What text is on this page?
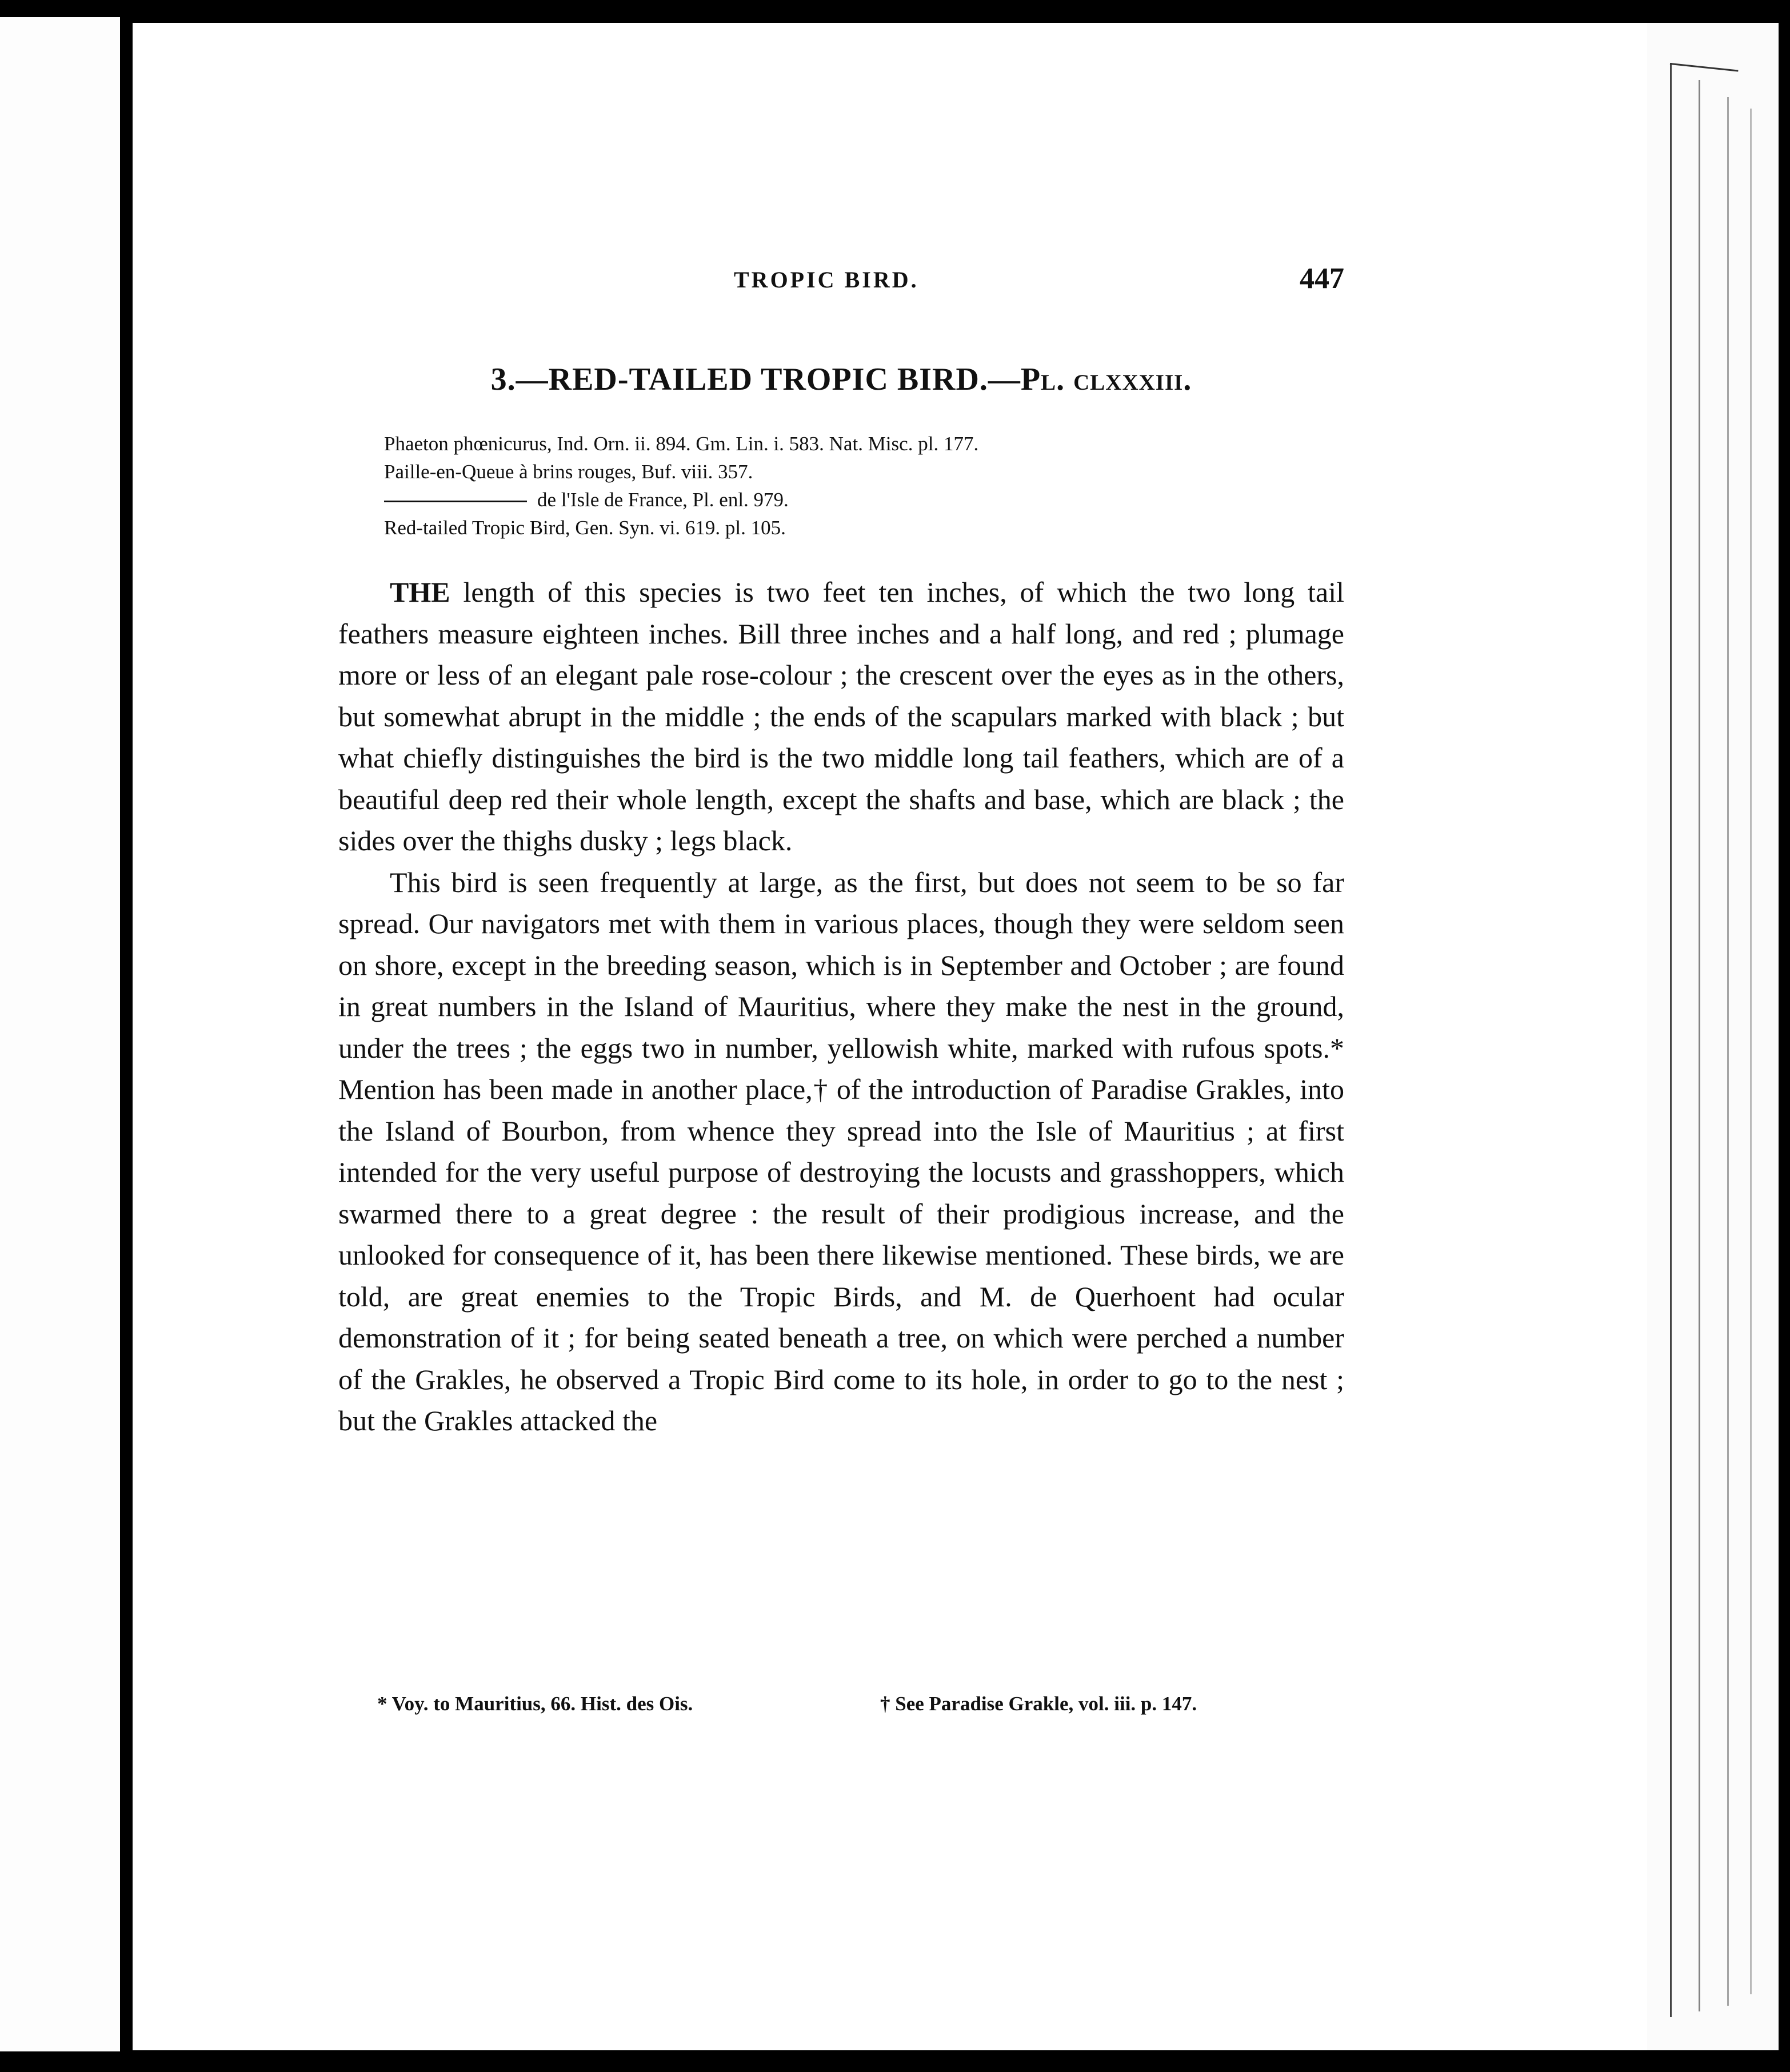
TROPIC BIRD.	447
3.—RED-TAILED TROPIC BIRD.—Pl. clxxxiii.
Phaeton phœnicurus, Ind. Orn. ii. 894. Gm. Lin. i. 583. Nat. Misc. pl. 177.
Paille-en-Queue à brins rouges, Buf. viii. 357.
de l'Isle de France, Pl. enl. 979.
Red-tailed Tropic Bird, Gen. Syn. vi. 619. pl. 105.

THE length of this species is two feet ten inches, of which the two long tail feathers measure eighteen inches. Bill three inches and a half long, and red ; plumage more or less of an elegant pale rose-colour ; the crescent over the eyes as in the others, but somewhat abrupt in the middle ; the ends of the scapulars marked with black ; but what chiefly distinguishes the bird is the two middle long tail feathers, which are of a beautiful deep red their whole length, except the shafts and base, which are black ; the sides over the thighs dusky ; legs black.

This bird is seen frequently at large, as the first, but does not seem to be so far spread. Our navigators met with them in various places, though they were seldom seen on shore, except in the breeding season, which is in September and October ; are found in great numbers in the Island of Mauritius, where they make the nest in the ground, under the trees ; the eggs two in number, yellowish white, marked with rufous spots.* Mention has been made in another place,† of the introduction of Paradise Grakles, into the Island of Bourbon, from whence they spread into the Isle of Mauritius ; at first intended for the very useful purpose of destroying the locusts and grasshoppers, which swarmed there to a great degree : the result of their prodigious increase, and the unlooked for consequence of it, has been there likewise mentioned. These birds, we are told, are great enemies to the Tropic Birds, and M. de Querhoent had ocular demonstration of it ; for being seated beneath a tree, on which were perched a number of the Grakles, he observed a Tropic Bird come to its hole, in order to go to the nest ; but the Grakles attacked the

* Voy. to Mauritius, 66. Hist. des Ois.	† See Paradise Grakle, vol. iii. p. 147.
